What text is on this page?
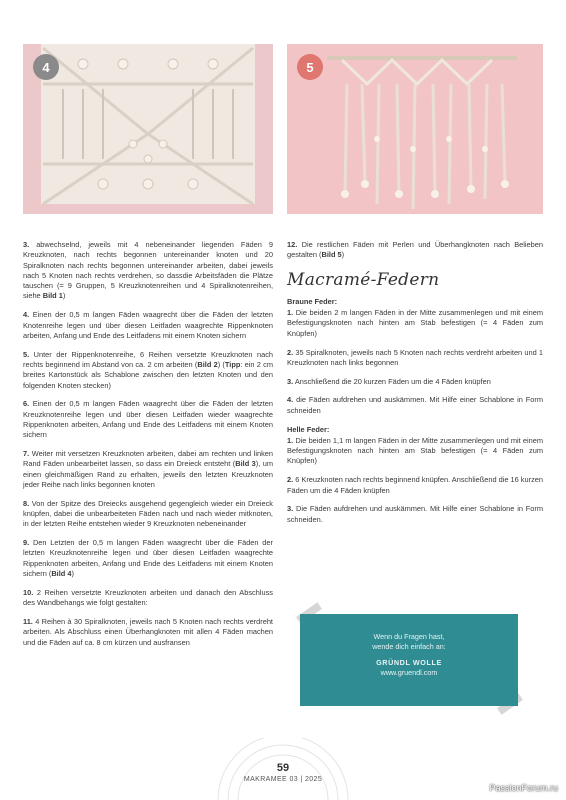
4	5

3. abwechselnd, jeweils mit 4 nebeneinander liegenden Fäden 9 Kreuzknoten, nach rechts begonnen untereinander knoten und 20 Spiralknoten nach rechts begonnen untereinander arbeiten, dabei jeweils nach 5 Knoten nach rechts verdrehen, so dassdie Arbeitsfäden die Plätze tauschen (= 9 Gruppen, 5 Kreuzknotenreihen und 4 Spiralknotenreihen, siehe Bild 1)

4. Einen der 0,5 m langen Fäden waagrecht über die Fäden der letzten Knotenreihe legen und über diesen Leitfaden waagrechte Rippenknoten arbeiten, Anfang und Ende des Leitfadens mit einem Knoten sichern

5. Unter der Rippenknotenreihe, 6 Reihen versetzte Kreuzknoten nach rechts beginnend im Abstand von ca. 2 cm arbeiten (Bild 2) (Tipp: ein 2 cm breites Kartonstück als Schablone zwischen den letzten Knoten und den folgenden Knoten stecken)

6. Einen der 0,5 m langen Fäden waagrecht über die Fäden der letzten Kreuzknotenreihe legen und über diesen Leitfaden wieder waagrechte Rippenknoten arbeiten, Anfang und Ende des Leitfadens mit einem Knoten sichern

7. Weiter mit versetzen Kreuzknoten arbeiten, dabei am rechten und linken Rand Fäden unbearbeitet lassen, so dass ein Dreieck entsteht (Bild 3), um einen gleichmäßigen Rand zu erhalten, jeweils den letzten Kreuzknoten jeder Reihe nach links begonnen knoten

8. Von der Spitze des Dreiecks ausgehend gegengleich wieder ein Dreieck knüpfen, dabei die unbearbeiteten Fäden nach und nach wieder mitknoten, in der letzten Reihe entstehen wieder 9 Kreuzknoten nebeneinander

9. Den Letzten der 0,5 m langen Fäden waagrecht über die Fäden der letzten Kreuzknotenreihe legen und über diesen Leitfaden waagrechte Rippenknoten arbeiten, Anfang und Ende des Leitfadens mit einem Knoten sichern (Bild 4)

10. 2 Reihen versetzte Kreuzknoten arbeiten und danach den Abschluss des Wandbehangs wie folgt gestalten:

11. 4 Reihen à 30 Spiralknoten, jeweils nach 5 Knoten nach rechts verdreht arbeiten. Als Abschluss einen Überhangknoten mit allen 4 Fäden machen und die Fäden auf ca. 8 cm kürzen und ausfransen

12. Die restlichen Fäden mit Perlen und Überhangknoten nach Belieben gestalten (Bild 5)

Macramé-Federn

Braune Feder:

1. Die beiden 2 m langen Fäden in der Mitte zusammenlegen und mit einem Befestigungsknoten nach hinten am Stab befestigen (= 4 Fäden zum Knüpfen)

2. 35 Spiralknoten, jeweils nach 5 Knoten nach rechts verdreht arbeiten und 1 Kreuzknoten nach links begonnen

3. Anschließend die 20 kurzen Fäden um die 4 Fäden knüpfen

4. die Fäden aufdrehen und auskämmen. Mit Hilfe einer Schablone in Form schneiden

Helle Feder:

1. Die beiden 1,1 m langen Fäden in der Mitte zusammenlegen und mit einem Befestigungsknoten nach hinten am Stab befestigen (= 4 Fäden zum Knüpfen)

2. 6 Kreuzknoten nach rechts beginnend knüpfen. Anschließend die 16 kurzen Fäden um die 4 Fäden knüpfen

3. Die Fäden aufdrehen und auskämmen. Mit Hilfe einer Schablone in Form schneiden.

Wenn du Fragen hast,
wende dich einfach an:
GRÜNDL WOLLE
www.gruendl.com
59
MAKRAMEE 03 | 2025
PassionForum.ru
